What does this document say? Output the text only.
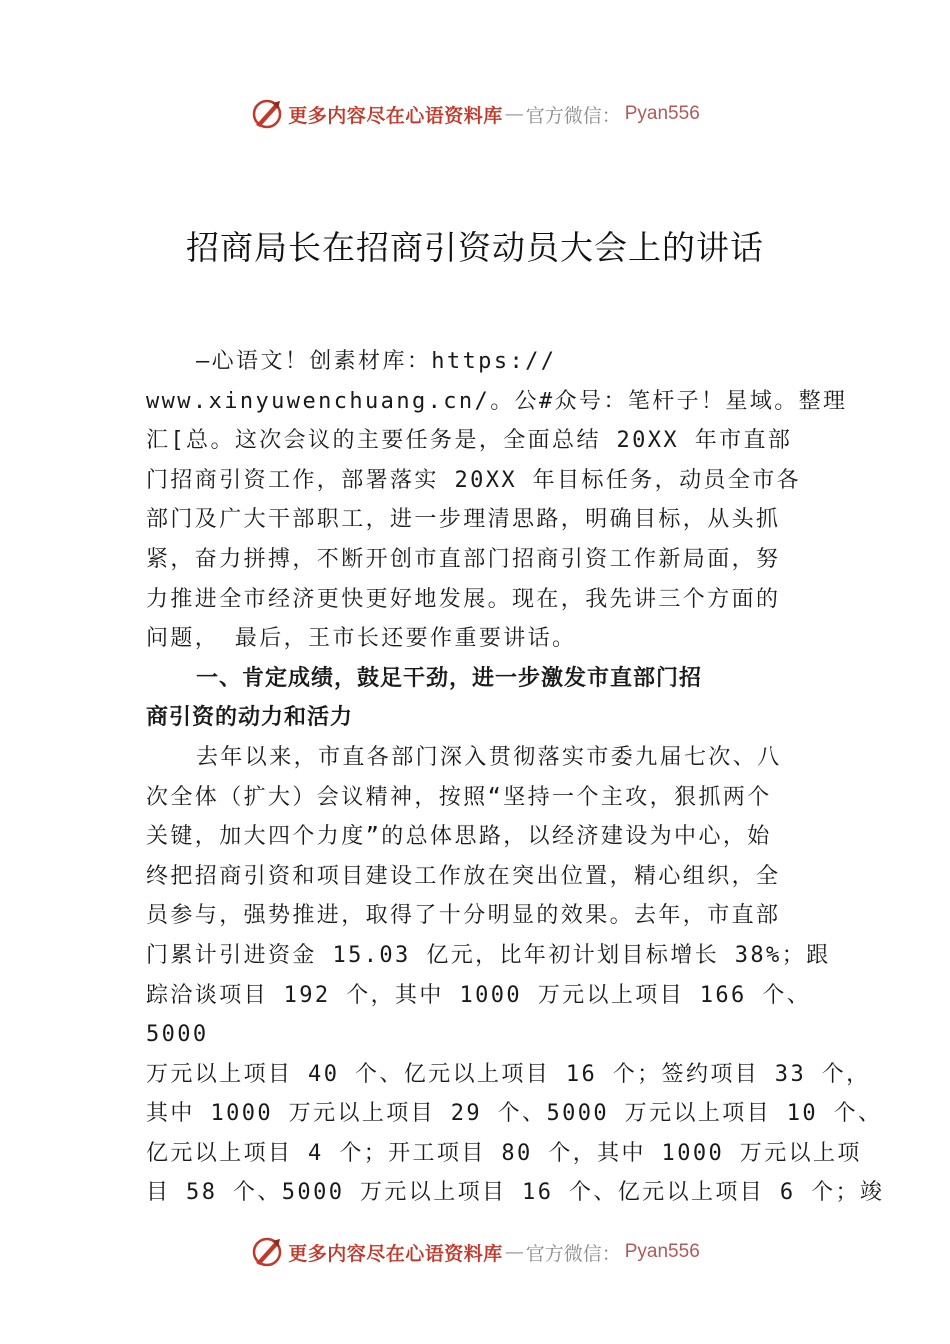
更多内容尽在心语资料库 — 官方微信： Pyan556
招商局长在招商引资动员大会上的讲话
—心语文！创素材库：https://
www.xinyuwenchuang.cn/。公#众号：笔杆子！星域。整理
汇[总。这次会议的主要任务是，全面总结 20XX 年市直部
门招商引资工作，部署落实 20XX 年目标任务，动员全市各
部门及广大干部职工，进一步理清思路，明确目标，从头抓
紧，奋力拼搏，不断开创市直部门招商引资工作新局面，努
力推进全市经济更快更好地发展。现在，我先讲三个方面的
问题， 最后，王市长还要作重要讲话。
一、肯定成绩，鼓足干劲，进一步激发市直部门招
商引资的动力和活力
去年以来，市直各部门深入贯彻落实市委九届七次、八
次全体（扩大）会议精神，按照“坚持一个主攻，狠抓两个
关键，加大四个力度”的总体思路，以经济建设为中心，始
终把招商引资和项目建设工作放在突出位置，精心组织，全
员参与，强势推进，取得了十分明显的效果。去年，市直部
门累计引进资金 15.03 亿元，比年初计划目标增长 38%；跟
踪洽谈项目 192 个，其中 1000 万元以上项目 166 个、
5000
万元以上项目 40 个、亿元以上项目 16 个；签约项目 33 个，
其中 1000 万元以上项目 29 个、5000 万元以上项目 10 个、
亿元以上项目 4 个；开工项目 80 个，其中 1000 万元以上项
目 58 个、5000 万元以上项目 16 个、亿元以上项目 6 个；竣
更多内容尽在心语资料库 — 官方微信： Pyan556
